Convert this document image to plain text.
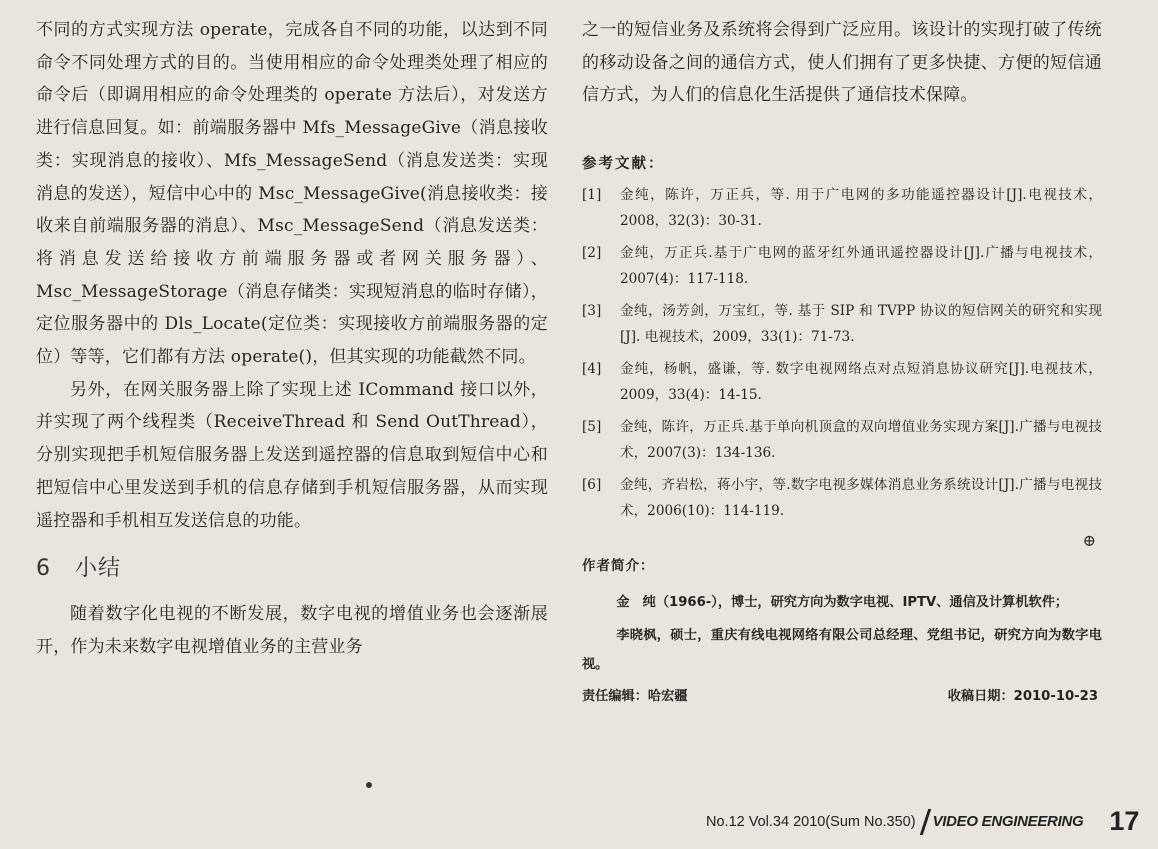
不同的方式实现方法 operate，完成各自不同的功能，以达到不同命令不同处理方式的目的。当使用相应的命令处理类处理了相应的命令后（即调用相应的命令处理类的 operate 方法后），对发送方进行信息回复。如：前端服务器中 Mfs_MessageGive（消息接收类：实现消息的接收）、Mfs_MessageSend（消息发送类：实现消息的发送），短信中心中的 Msc_MessageGive(消息接收类：接收来自前端服务器的消息）、Msc_MessageSend（消息发送类：将消息发送给接收方前端服务器或者网关服务器）、Msc_MessageStorage（消息存储类：实现短消息的临时存储），定位服务器中的 Dls_Locate(定位类：实现接收方前端服务器的定位）等等，它们都有方法 operate()，但其实现的功能截然不同。

另外，在网关服务器上除了实现上述 ICommand 接口以外，并实现了两个线程类（ReceiveThread 和 Send OutThread），分别实现把手机短信服务器上发送到遥控器的信息取到短信中心和把短信中心里发送到手机的信息存储到手机短信服务器，从而实现遥控器和手机相互发送信息的功能。

6 小结

随着数字化电视的不断发展，数字电视的增值业务也会逐渐展开，作为未来数字电视增值业务的主营业务

之一的短信业务及系统将会得到广泛应用。该设计的实现打破了传统的移动设备之间的通信方式，使人们拥有了更多快捷、方便的短信通信方式，为人们的信息化生活提供了通信技术保障。

参考文献：
[1] 金纯，陈许，万正兵，等. 用于广电网的多功能遥控器设计[J].电视技术，2008，32(3)：30-31.
[2] 金纯，万正兵.基于广电网的蓝牙红外通讯遥控器设计[J].广播与电视技术，2007(4)：117-118.
[3] 金纯，汤芳剑，万宝红，等. 基于 SIP 和 TVPP 协议的短信网关的研究和实现[J]. 电视技术，2009，33(1)：71-73.
[4] 金纯，杨帆，盛谦，等. 数字电视网络点对点短消息协议研究[J].电视技术，2009，33(4)：14-15.
[5] 金纯，陈许，万正兵.基于单向机顶盒的双向增值业务实现方案[J].广播与电视技术，2007(3)：134-136.
[6] 金纯，齐岩松，蒋小宇，等.数字电视多媒体消息业务系统设计[J].广播与电视技术，2006(10)：114-119.
⊕
作者简介：

金　纯（1966-），博士，研究方向为数字电视、IPTV、通信及计算机软件；

李晓枫，硕士，重庆有线电视网络有限公司总经理、党组书记，研究方向为数字电视。

责任编辑：哈宏疆	收稿日期：2010-10-23
No.12 Vol.34 2010(Sum No.350) VIDEO ENGINEERING 17
